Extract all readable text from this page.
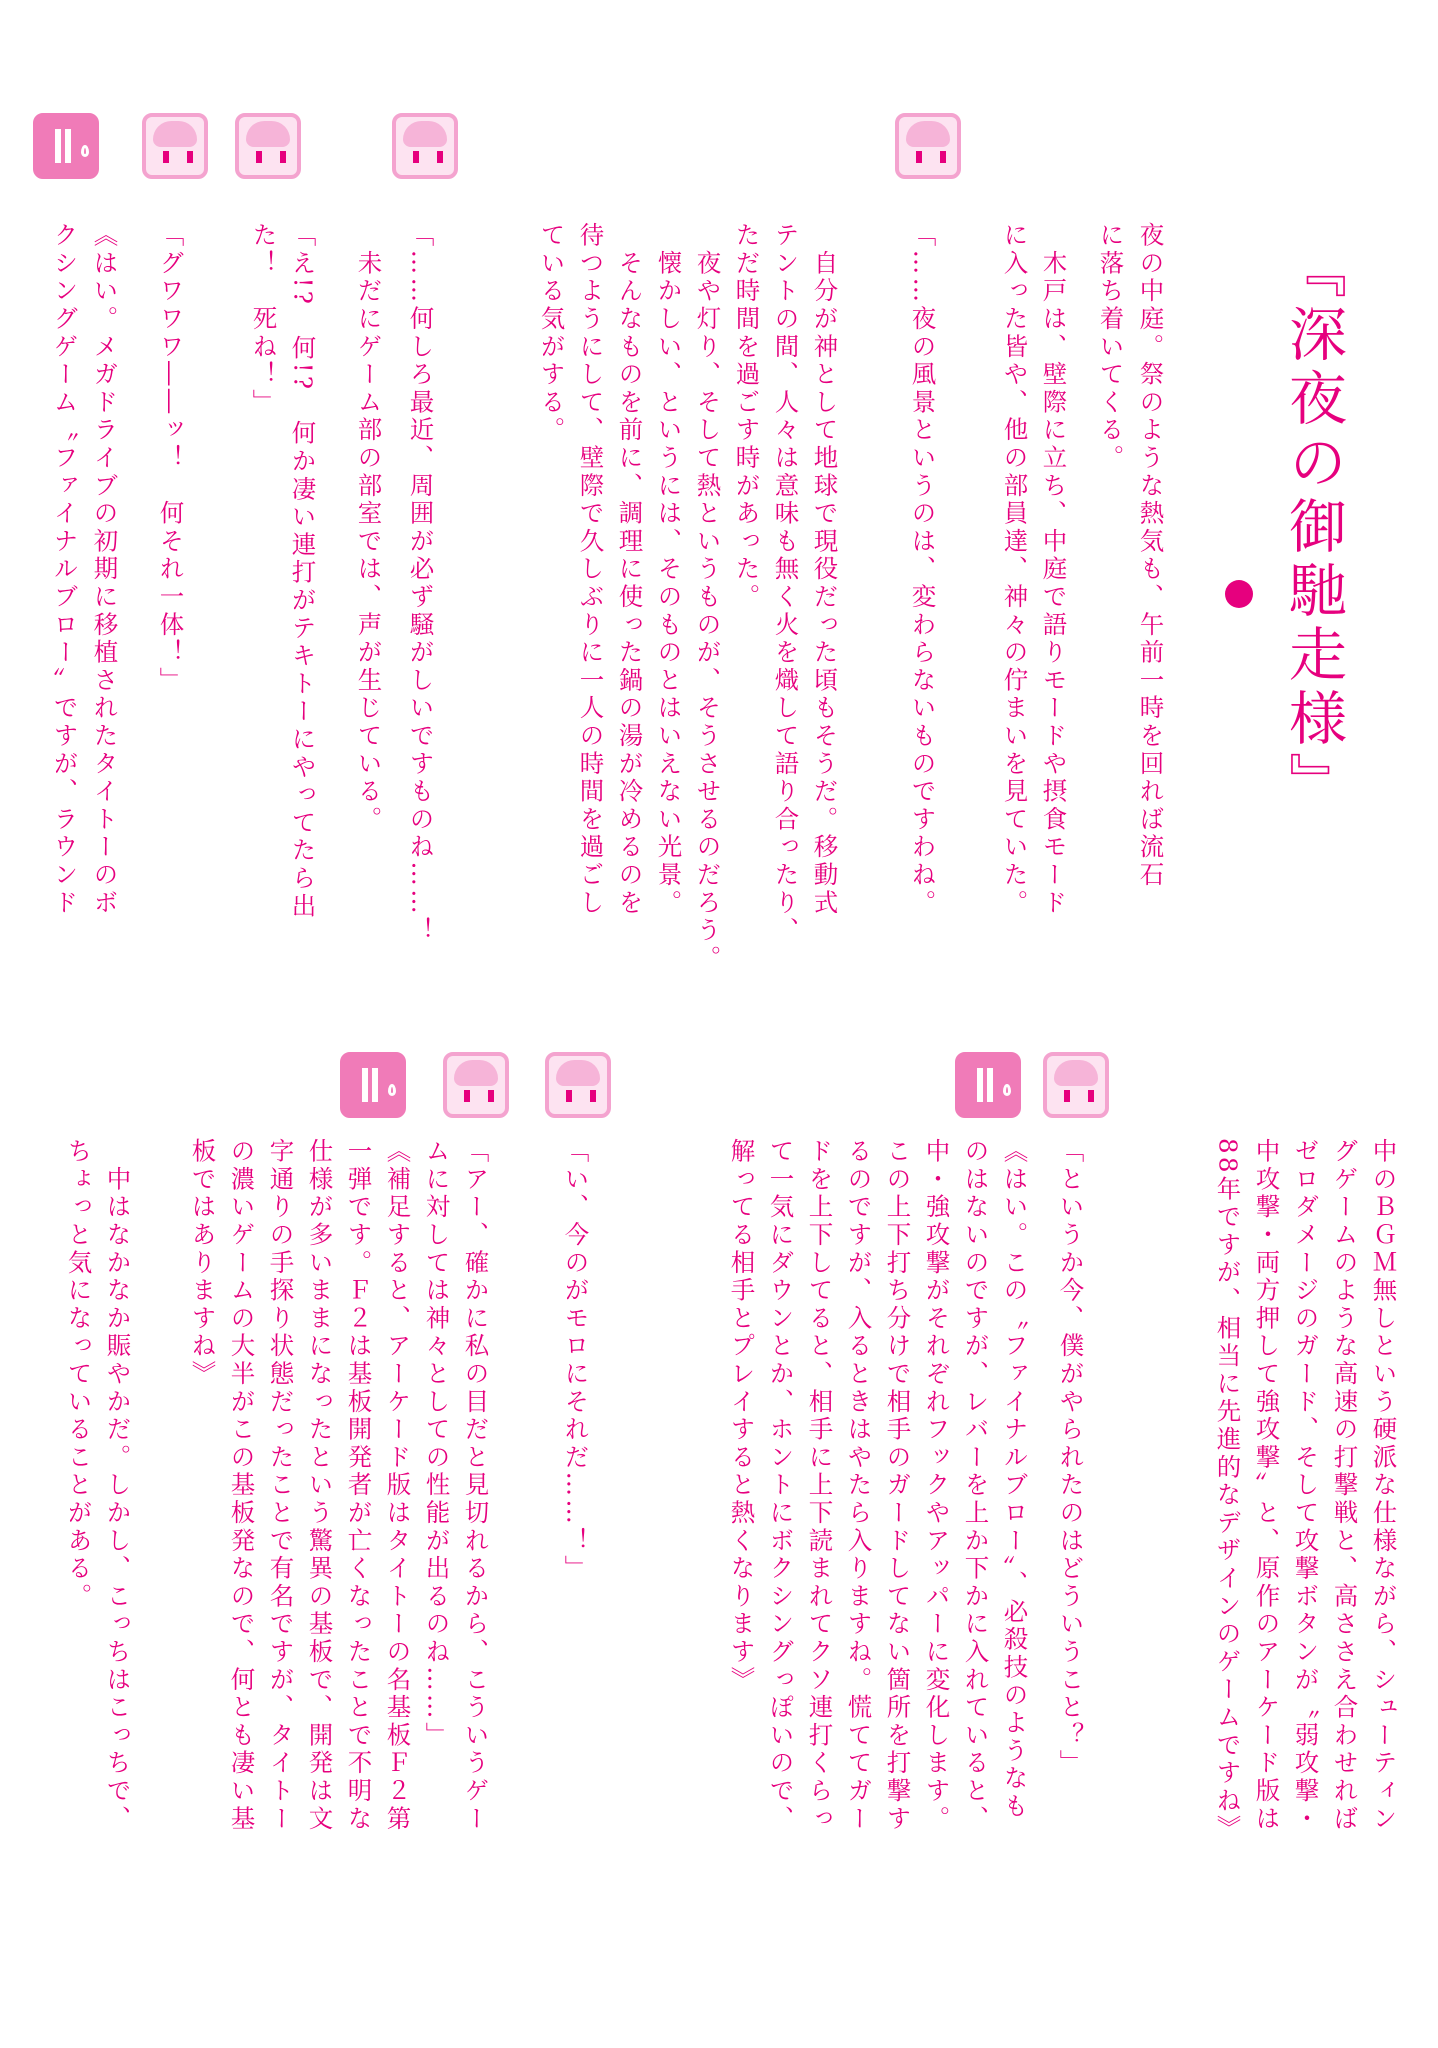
『深夜の御馳走様』
夜の中庭。祭のような熱気も、午前一時を回れば流石
に落ち着いてくる。
　木戸は、壁際に立ち、中庭で語りモードや摂食モード
に入った皆や、他の部員達、神々の佇まいを見ていた。
「……夜の風景というのは、変わらないものですわね。
　自分が神として地球で現役だった頃もそうだ。移動式
テントの間、人々は意味も無く火を熾して語り合ったり、
ただ時間を過ごす時があった。
　夜や灯り、そして熱というものが、そうさせるのだろう。
　懐かしい、というには、そのものとはいえない光景。
　そんなものを前に、調理に使った鍋の湯が冷めるのを
待つようにして、壁際で久しぶりに一人の時間を過ごし
ている気がする。
「……何しろ最近、周囲が必ず騒がしいですものね……！
　未だにゲーム部の部室では、声が生じている。
「え!?　何!?　何か凄い連打がテキトーにやってたら出
た！　死ね！」
「グワワワ――ッ！　何それ一体！」
《はい。メガドライブの初期に移植されたタイトーのボ
クシングゲーム〝ファイナルブロー〟ですが、ラウンド
中のＢＧＭ無しという硬派な仕様ながら、シューティン
グゲームのような高速の打撃戦と、高ささえ合わせれば
ゼロダメージのガード、そして攻撃ボタンが〝弱攻撃・
中攻撃・両方押して強攻撃〟と、原作のアーケード版は
88年ですが、相当に先進的なデザインのゲームですね》
「というか今、僕がやられたのはどういうこと？」
《はい。この〝ファイナルブロー〟、必殺技のようなも
のはないのですが、レバーを上か下かに入れていると、
中・強攻撃がそれぞれフックやアッパーに変化します。
この上下打ち分けで相手のガードしてない箇所を打撃す
るのですが、入るときはやたら入りますね。慌ててガー
ドを上下してると、相手に上下読まれてクソ連打くらっ
て一気にダウンとか、ホントにボクシングっぽいので、
解ってる相手とプレイすると熱くなります》
「い、今のがモロにそれだ……！」
「アー、確かに私の目だと見切れるから、こういうゲー
ムに対しては神々としての性能が出るのね……」
《補足すると、アーケード版はタイトーの名基板Ｆ２第
一弾です。Ｆ２は基板開発者が亡くなったことで不明な
仕様が多いままになったという驚異の基板で、開発は文
字通りの手探り状態だったことで有名ですが、タイトー
の濃いゲームの大半がこの基板発なので、何とも凄い基
板ではありますね》
　中はなかなか賑やかだ。しかし、こっちはこっちで、
ちょっと気になっていることがある。
